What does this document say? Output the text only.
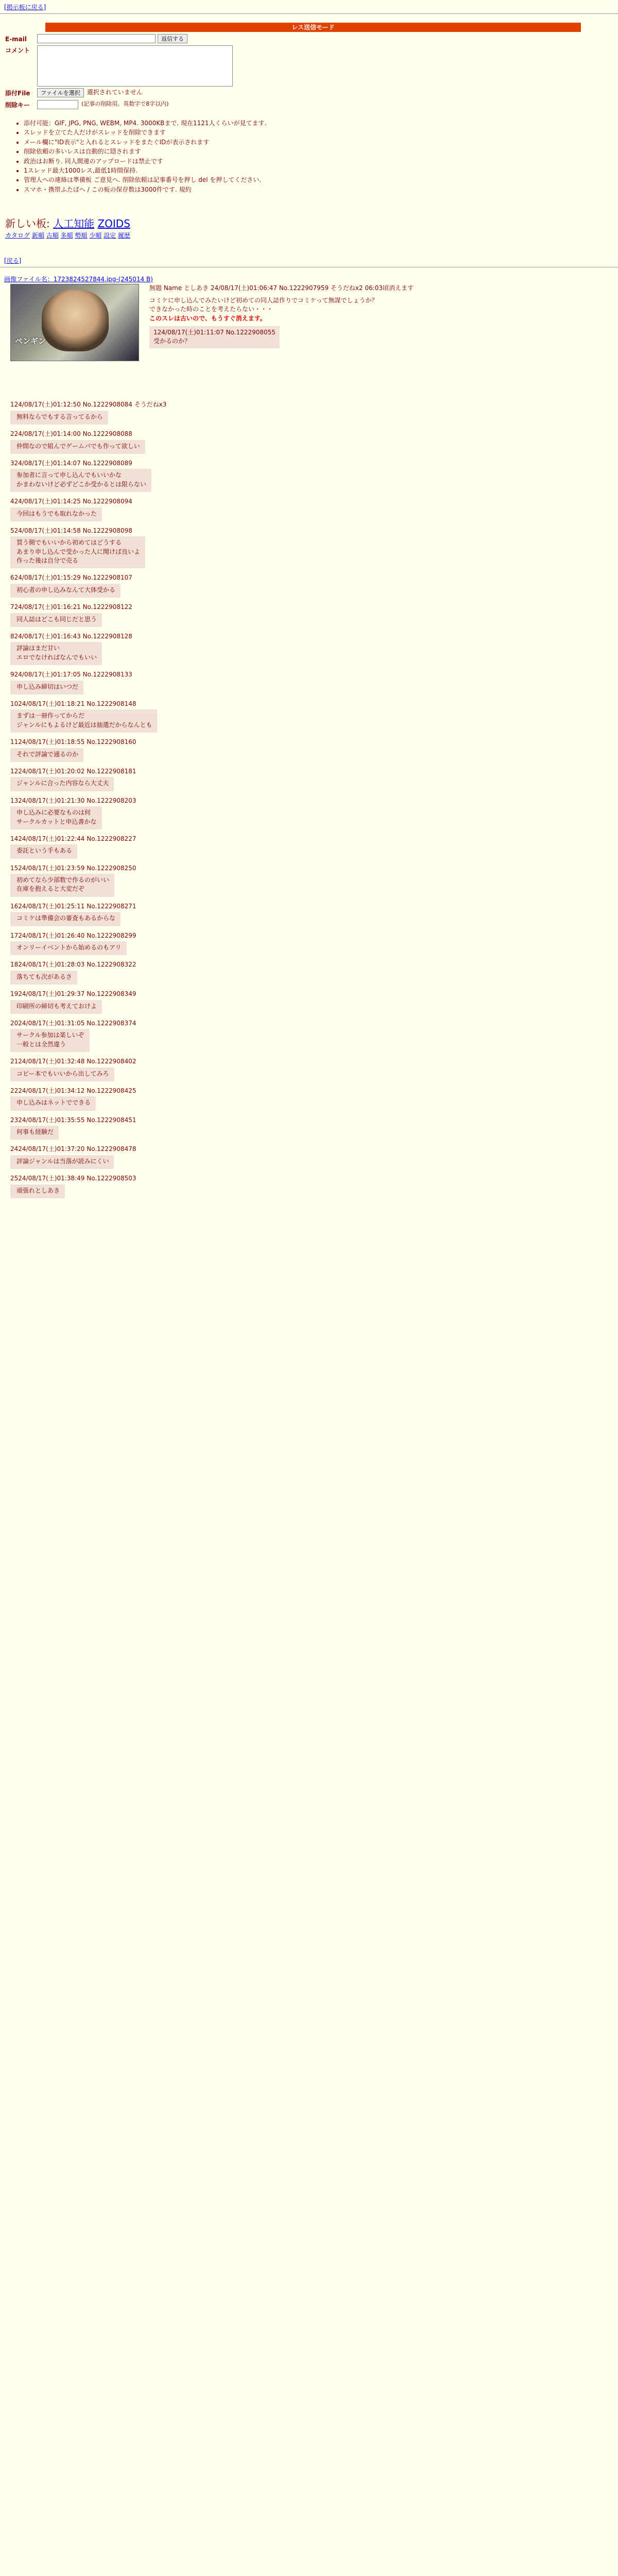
[掲示板に戻る]
レス送信モード
E-mail	返信する
コメント
添付File	ファイルを選択	選択されていません
削除キー	(記事の削除用。英数字で8字以内)
• 添付可能：GIF, JPG, PNG, WEBM, MP4. 3000KBまで. 現在1121人くらいが見てます.
• スレッドを立てた人だけがスレッドを削除できます
• メール欄に"ID表示"と入れるとスレッドをまたぐIDが表示されます
• 削除依頼の多いレスは自動的に隠されます
• 政治はお断り. 同人関連のアップロードは禁止です
• 1スレッド最大1000レス,最低1時間保持.
• 管理人への連絡は準備板 ご意見へ. 削除依頼は記事番号を押し del を押してください.
• スマホ・携帯ふたばへ / この板の保存数は3000件です. 規約
新しい板: 人工知能 ZOIDS
カタログ 新順 古順 多順 勢順 少順 設定 履歴
[戻る]
画像ファイル名：1723824527844.jpg-(245014 B)
ペンギン
無題 Name としあき 24/08/17(土)01:06:47 No.1222907959 そうだねx2 06:03頃消えます
コミケに申し込んでみたいけど初めての同人誌作りでコミケって無謀でしょうか？
できなかった時のことを考えたらない・・・
このスレは古いので、もうすぐ消えます。
124/08/17(土)01:11:07 No.1222908055
受かるのか？
124/08/17(土)01:12:50 No.1222908084 そうだねx3
無料ならでもする言ってるから
224/08/17(土)01:14:00 No.1222908088
仲間なので組んでゲームパでも作って欲しい
324/08/17(土)01:14:07 No.1222908089
参加者に言って申し込んでもいいかな
かまわないけど必ずどこか受かるとは限らない
424/08/17(土)01:14:25 No.1222908094
今回はもうでも取れなかった
524/08/17(土)01:14:58 No.1222908098
買う側でもいいから初めてはどうする
あまり申し込んで受かった人に聞けば良いよ
作った後は自分で売る
624/08/17(土)01:15:29 No.1222908107
初心者の申し込みなんて大体受かる
724/08/17(土)01:16:21 No.1222908122
同人誌はどこも同じだと思う
824/08/17(土)01:16:43 No.1222908128
評論はまだ甘い
エロでなければなんでもいい
924/08/17(土)01:17:05 No.1222908133
申し込み締切はいつだ
1024/08/17(土)01:18:21 No.1222908148
まずは一冊作ってからだ
ジャンルにもよるけど最近は抽選だからなんとも
1124/08/17(土)01:18:55 No.1222908160
それで評論で通るのか
1224/08/17(土)01:20:02 No.1222908181
ジャンルに合った内容なら大丈夫
1324/08/17(土)01:21:30 No.1222908203
申し込みに必要なものは何
サークルカットと申込書かな
1424/08/17(土)01:22:44 No.1222908227
委託という手もある
1524/08/17(土)01:23:59 No.1222908250
初めてなら少部数で作るのがいい
在庫を抱えると大変だぞ
1624/08/17(土)01:25:11 No.1222908271
コミケは準備会の審査もあるからな
1724/08/17(土)01:26:40 No.1222908299
オンリーイベントから始めるのもアリ
1824/08/17(土)01:28:03 No.1222908322
落ちても次があるさ
1924/08/17(土)01:29:37 No.1222908349
印刷所の締切も考えておけよ
2024/08/17(土)01:31:05 No.1222908374
サークル参加は楽しいぞ
一般とは全然違う
2124/08/17(土)01:32:48 No.1222908402
コピー本でもいいから出してみろ
2224/08/17(土)01:34:12 No.1222908425
申し込みはネットでできる
2324/08/17(土)01:35:55 No.1222908451
何事も経験だ
2424/08/17(土)01:37:20 No.1222908478
評論ジャンルは当落が読みにくい
2524/08/17(土)01:38:49 No.1222908503
頑張れとしあき
